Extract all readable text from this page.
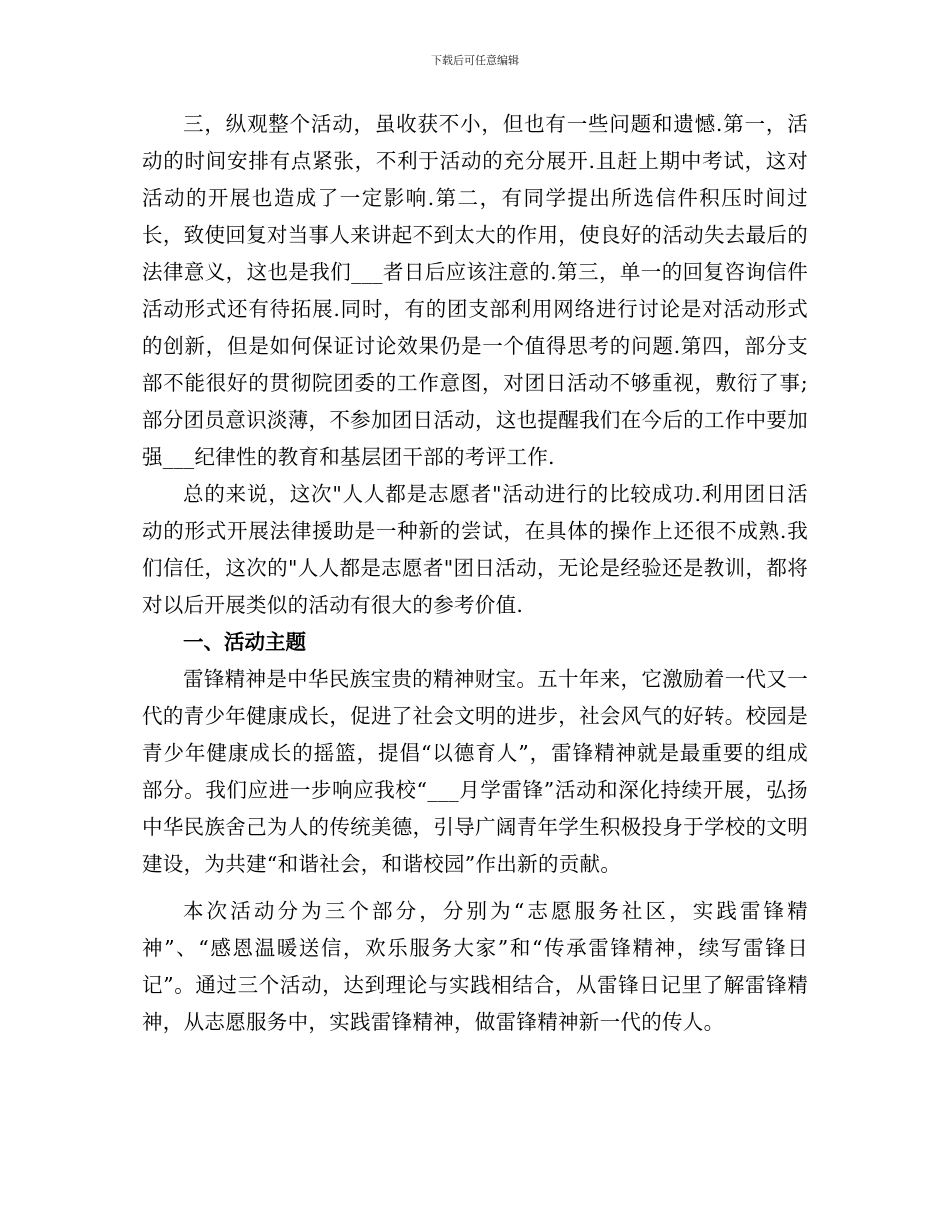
下载后可任意编辑

三，纵观整个活动，虽收获不小，但也有一些问题和遗憾.第一，活动的时间安排有点紧张，不利于活动的充分展开.且赶上期中考试，这对活动的开展也造成了一定影响.第二，有同学提出所选信件积压时间过长，致使回复对当事人来讲起不到太大的作用，使良好的活动失去最后的法律意义，这也是我们___者日后应该注意的.第三，单一的回复咨询信件活动形式还有待拓展.同时，有的团支部利用网络进行讨论是对活动形式的创新，但是如何保证讨论效果仍是一个值得思考的问题.第四，部分支部不能很好的贯彻院团委的工作意图，对团日活动不够重视，敷衍了事;部分团员意识淡薄，不参加团日活动，这也提醒我们在今后的工作中要加强___纪律性的教育和基层团干部的考评工作.

总的来说，这次"人人都是志愿者"活动进行的比较成功.利用团日活动的形式开展法律援助是一种新的尝试，在具体的操作上还很不成熟.我们信任，这次的"人人都是志愿者"团日活动，无论是经验还是教训，都将对以后开展类似的活动有很大的参考价值.

一、活动主题

雷锋精神是中华民族宝贵的精神财宝。五十年来，它激励着一代又一代的青少年健康成长，促进了社会文明的进步，社会风气的好转。校园是青少年健康成长的摇篮，提倡“以德育人”，雷锋精神就是最重要的组成部分。我们应进一步响应我校“___月学雷锋”活动和深化持续开展，弘扬中华民族舍己为人的传统美德，引导广阔青年学生积极投身于学校的文明建设，为共建“和谐社会，和谐校园”作出新的贡献。

本次活动分为三个部分，分别为“志愿服务社区，实践雷锋精神”、“感恩温暖送信，欢乐服务大家”和“传承雷锋精神，续写雷锋日记”。通过三个活动，达到理论与实践相结合，从雷锋日记里了解雷锋精神，从志愿服务中，实践雷锋精神，做雷锋精神新一代的传人。
